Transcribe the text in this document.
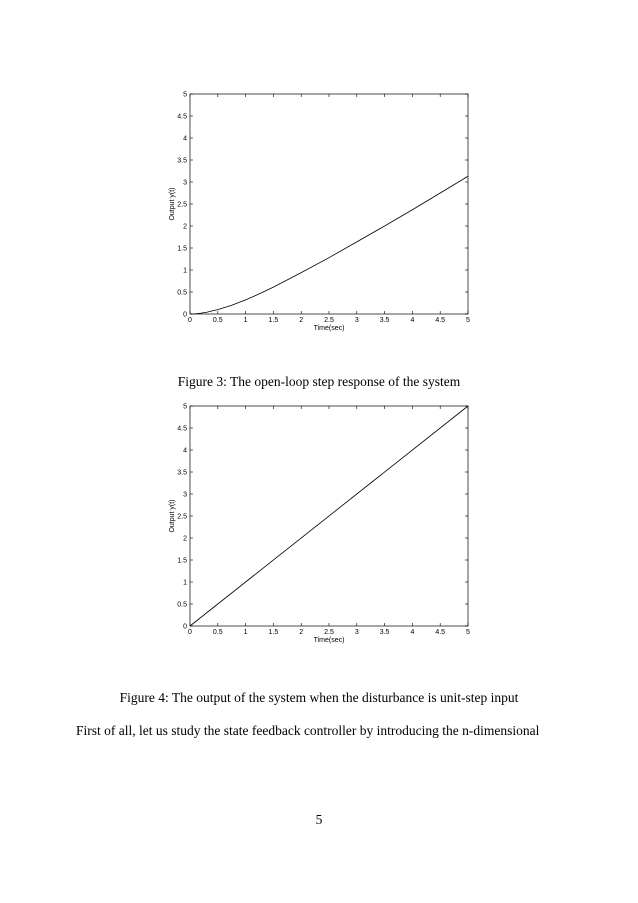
0	0.5	1	1.5	2	2.5	3	3.5	4	4.5	5
0
0.5
1
1.5
2
2.5
3
3.5
4
4.5
5
Time(sec)
Output y(t)
Figure 3: The open-loop step response of the system
0	0.5	1	1.5	2	2.5	3	3.5	4	4.5	5
0
0.5
1
1.5
2
2.5
3
3.5
4
4.5
5
Time(sec)
Output y(t)
Figure 4: The output of the system when the disturbance is unit-step input
First of all, let us study the state feedback controller by introducing the n-dimensional
5
